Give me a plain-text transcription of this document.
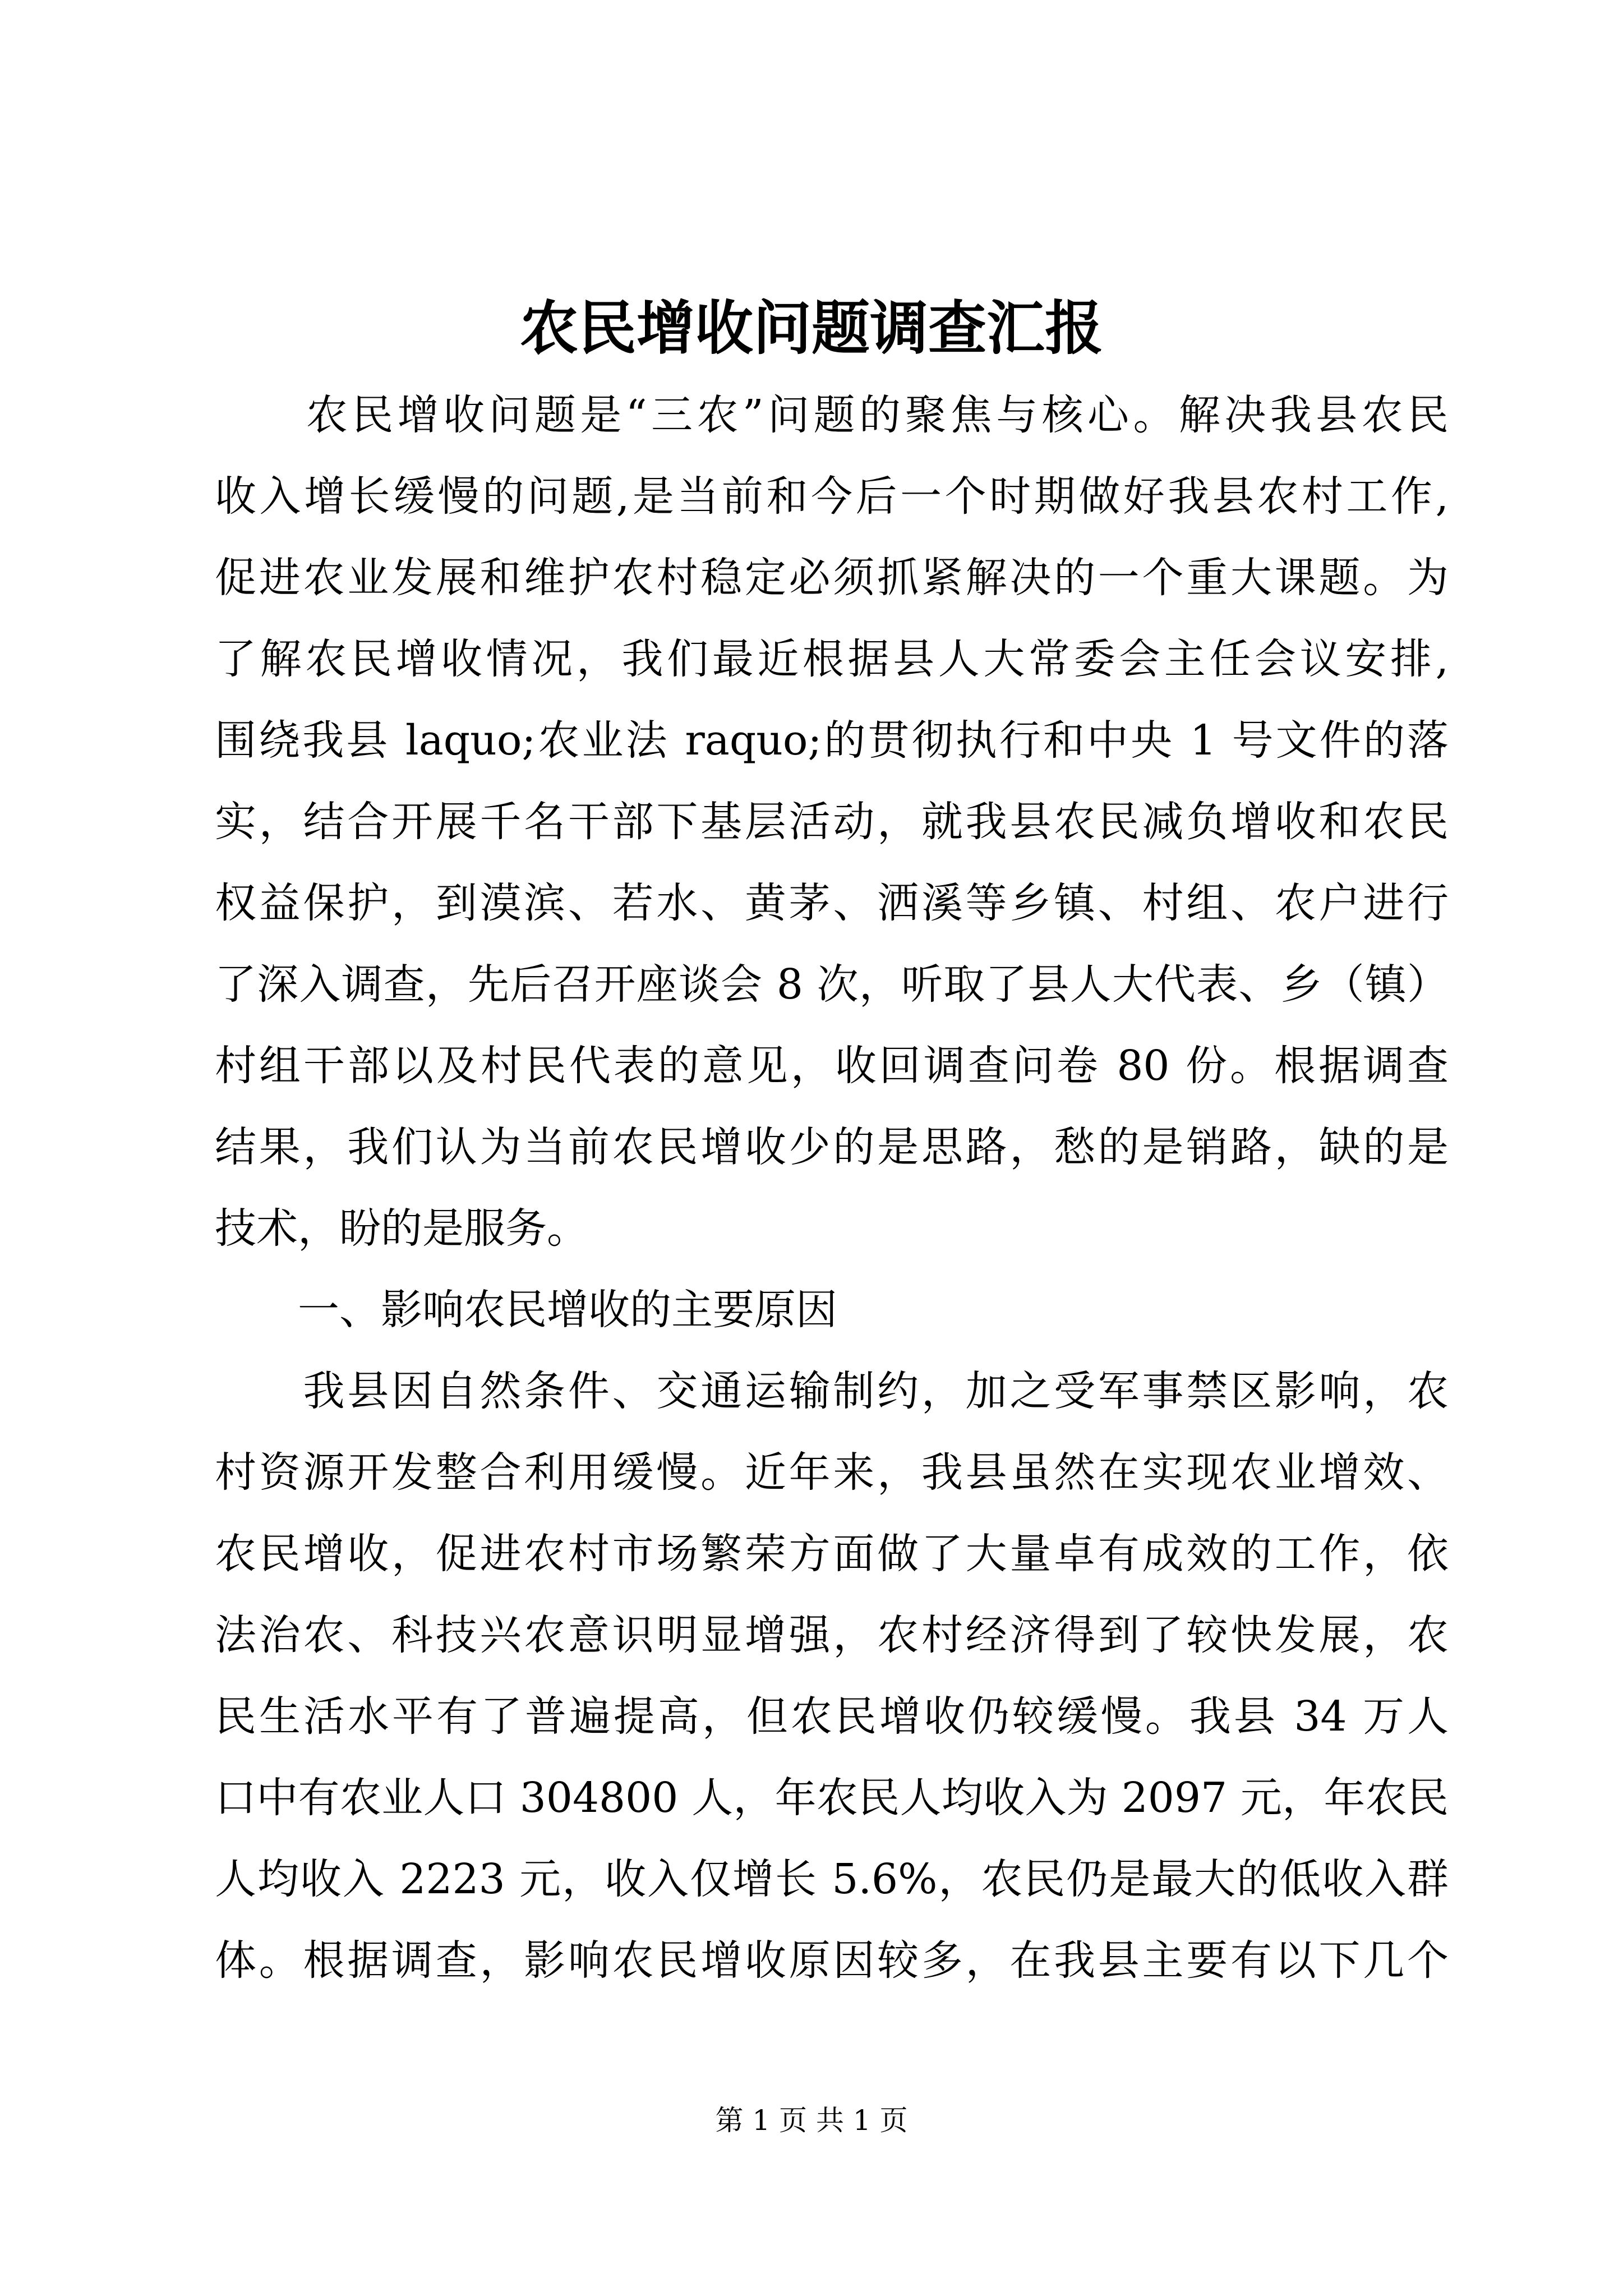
农民增收问题调查汇报
　　农民增收问题是“三农”问题的聚焦与核心。解决我县农民
收入增长缓慢的问题,是当前和今后一个时期做好我县农村工作,
促进农业发展和维护农村稳定必须抓紧解决的一个重大课题。为
了解农民增收情况，我们最近根据县人大常委会主任会议安排,
围绕我县 laquo;农业法 raquo;的贯彻执行和中央 1 号文件的落
实，结合开展千名干部下基层活动，就我县农民减负增收和农民
权益保护，到漠滨、若水、黄茅、洒溪等乡镇、村组、农户进行
了深入调查，先后召开座谈会 8 次，听取了县人大代表、乡（镇）
村组干部以及村民代表的意见，收回调查问卷 80 份。根据调查
结果，我们认为当前农民增收少的是思路，愁的是销路，缺的是
技术，盼的是服务。
　　一、影响农民增收的主要原因
　　我县因自然条件、交通运输制约，加之受军事禁区影响，农
村资源开发整合利用缓慢。近年来，我县虽然在实现农业增效、
农民增收，促进农村市场繁荣方面做了大量卓有成效的工作，依
法治农、科技兴农意识明显增强，农村经济得到了较快发展，农
民生活水平有了普遍提高，但农民增收仍较缓慢。我县 34 万人
口中有农业人口 304800 人，年农民人均收入为 2097 元，年农民
人均收入 2223 元，收入仅增长 5.6%，农民仍是最大的低收入群
体。根据调查，影响农民增收原因较多，在我县主要有以下几个
第 1 页 共 1 页
